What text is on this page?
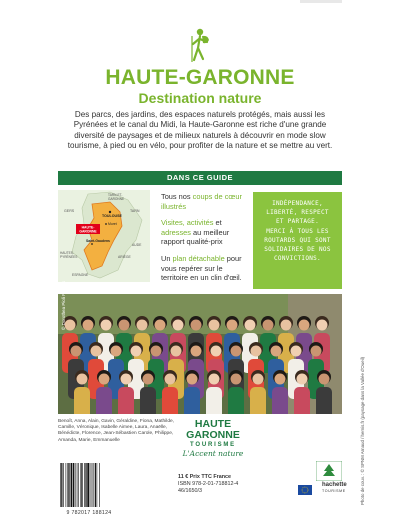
HAUTE-GARONNE
Destination nature
Des parcs, des jardins, des espaces naturels protégés, mais aussi les Pyrénées et le canal du Midi, la Haute-Garonne est riche d'une grande diversité de paysages et de milieux naturels à découvrir en mode slow tourisme, à pied ou en vélo, pour profiter de la nature et se mettre au vert.
DANS CE GUIDE
HAUTE-
GARONNE
TARN-ET-
GARONNE
GERS	TARN
TOULOUSE
Muret
Saint-Gaudens
AUDE
HAUTES-
PYRÉNÉES	ARIÈGE
ESPAGNE

Tous nos coups de cœur illustrés

Visites, activités et adresses au meilleur rapport qualité-prix

Un plan détachable pour vous repérer sur le territoire en un clin d'œil.

INDÉPENDANCE,
LIBERTÉ, RESPECT
ET PARTAGE.
MERCI À TOUS LES
ROUTARDS QUI SONT
SOLIDAIRES DE NOS
CONVICTIONS.
© Dorothea Pioli Puspos
Benoît, Anna, Alain, Gavin, Géraldine, Fiona, Mathilde, Camille, Véronique, Isabelle Aimee, Laura, Anaëlle, Bénédicte, Florence, Jean-Sébastien Carole, Philippe, Amanda, Marie, Emmanuelle
HAUTE
GARONNE
TOURISME
L'Accent nature
9 782017 188124
11 € Prix TTC France
ISBN 978-2-01-718812-4
46/1650/3
hachette
TOURISME	Photo de couv. : © SPNM Arnaud / hemis.fr (paysage dans la Vallée d'Oueil)
